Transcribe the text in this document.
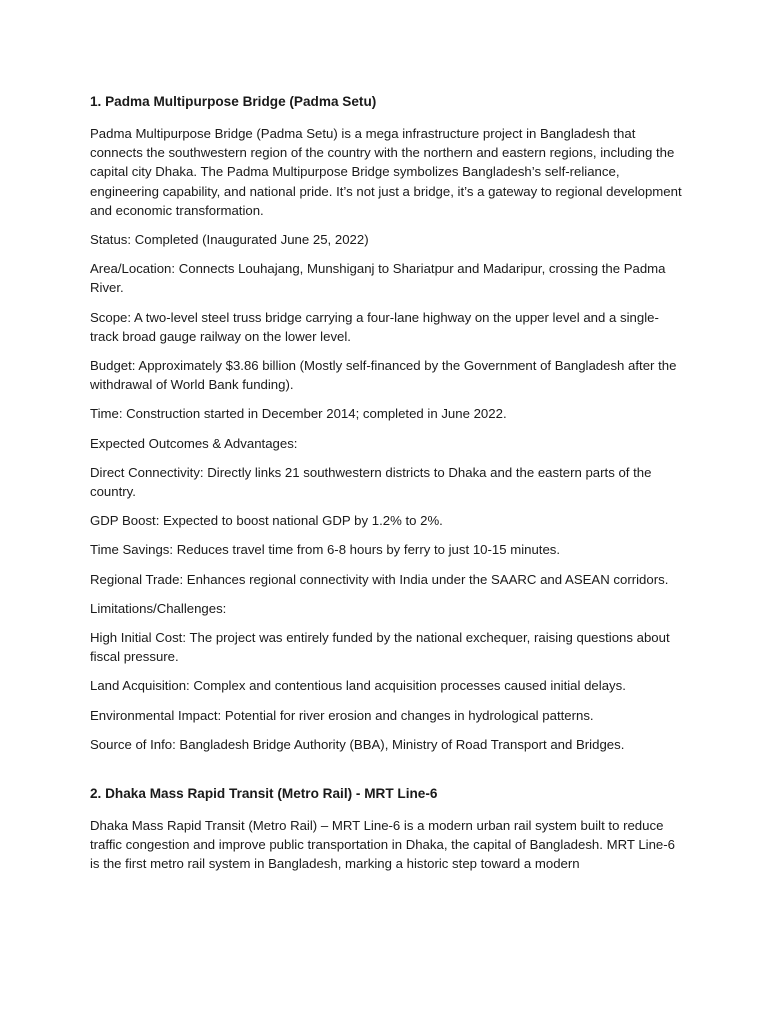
1. Padma Multipurpose Bridge (Padma Setu)

Padma Multipurpose Bridge (Padma Setu) is a mega infrastructure project in Bangladesh that connects the southwestern region of the country with the northern and eastern regions, including the capital city Dhaka. The Padma Multipurpose Bridge symbolizes Bangladesh’s self-reliance, engineering capability, and national pride. It’s not just a bridge, it’s a gateway to regional development and economic transformation.

Status: Completed (Inaugurated June 25, 2022)

Area/Location: Connects Louhajang, Munshiganj to Shariatpur and Madaripur, crossing the Padma River.

Scope: A two-level steel truss bridge carrying a four-lane highway on the upper level and a single-track broad gauge railway on the lower level.

Budget: Approximately $3.86 billion (Mostly self-financed by the Government of Bangladesh after the withdrawal of World Bank funding).

Time: Construction started in December 2014; completed in June 2022.

Expected Outcomes & Advantages:

Direct Connectivity: Directly links 21 southwestern districts to Dhaka and the eastern parts of the country.

GDP Boost: Expected to boost national GDP by 1.2% to 2%.

Time Savings: Reduces travel time from 6-8 hours by ferry to just 10-15 minutes.

Regional Trade: Enhances regional connectivity with India under the SAARC and ASEAN corridors.

Limitations/Challenges:

High Initial Cost: The project was entirely funded by the national exchequer, raising questions about fiscal pressure.

Land Acquisition: Complex and contentious land acquisition processes caused initial delays.

Environmental Impact: Potential for river erosion and changes in hydrological patterns.

Source of Info: Bangladesh Bridge Authority (BBA), Ministry of Road Transport and Bridges.

2. Dhaka Mass Rapid Transit (Metro Rail) - MRT Line-6

Dhaka Mass Rapid Transit (Metro Rail) – MRT Line-6 is a modern urban rail system built to reduce traffic congestion and improve public transportation in Dhaka, the capital of Bangladesh. MRT Line-6 is the first metro rail system in Bangladesh, marking a historic step toward a modern
